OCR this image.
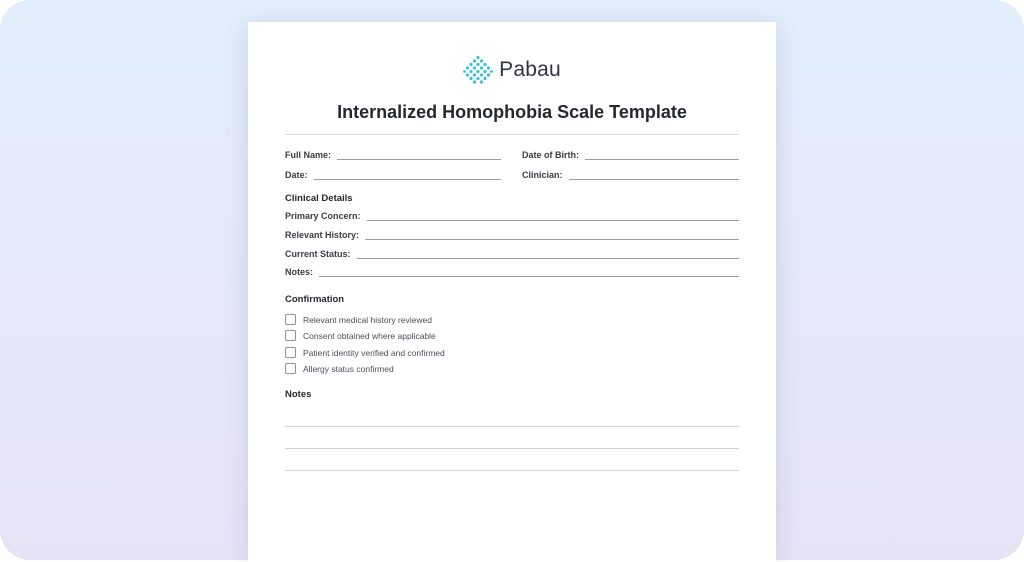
Pabau
Internalized Homophobia Scale Template
Full Name:	Date of Birth:
Date:	Clinician:
Clinical Details
Primary Concern:
Relevant History:
Current Status:
Notes:
Confirmation
Relevant medical history reviewed
Consent obtained where applicable
Patient identity verified and confirmed
Allergy status confirmed
Notes
